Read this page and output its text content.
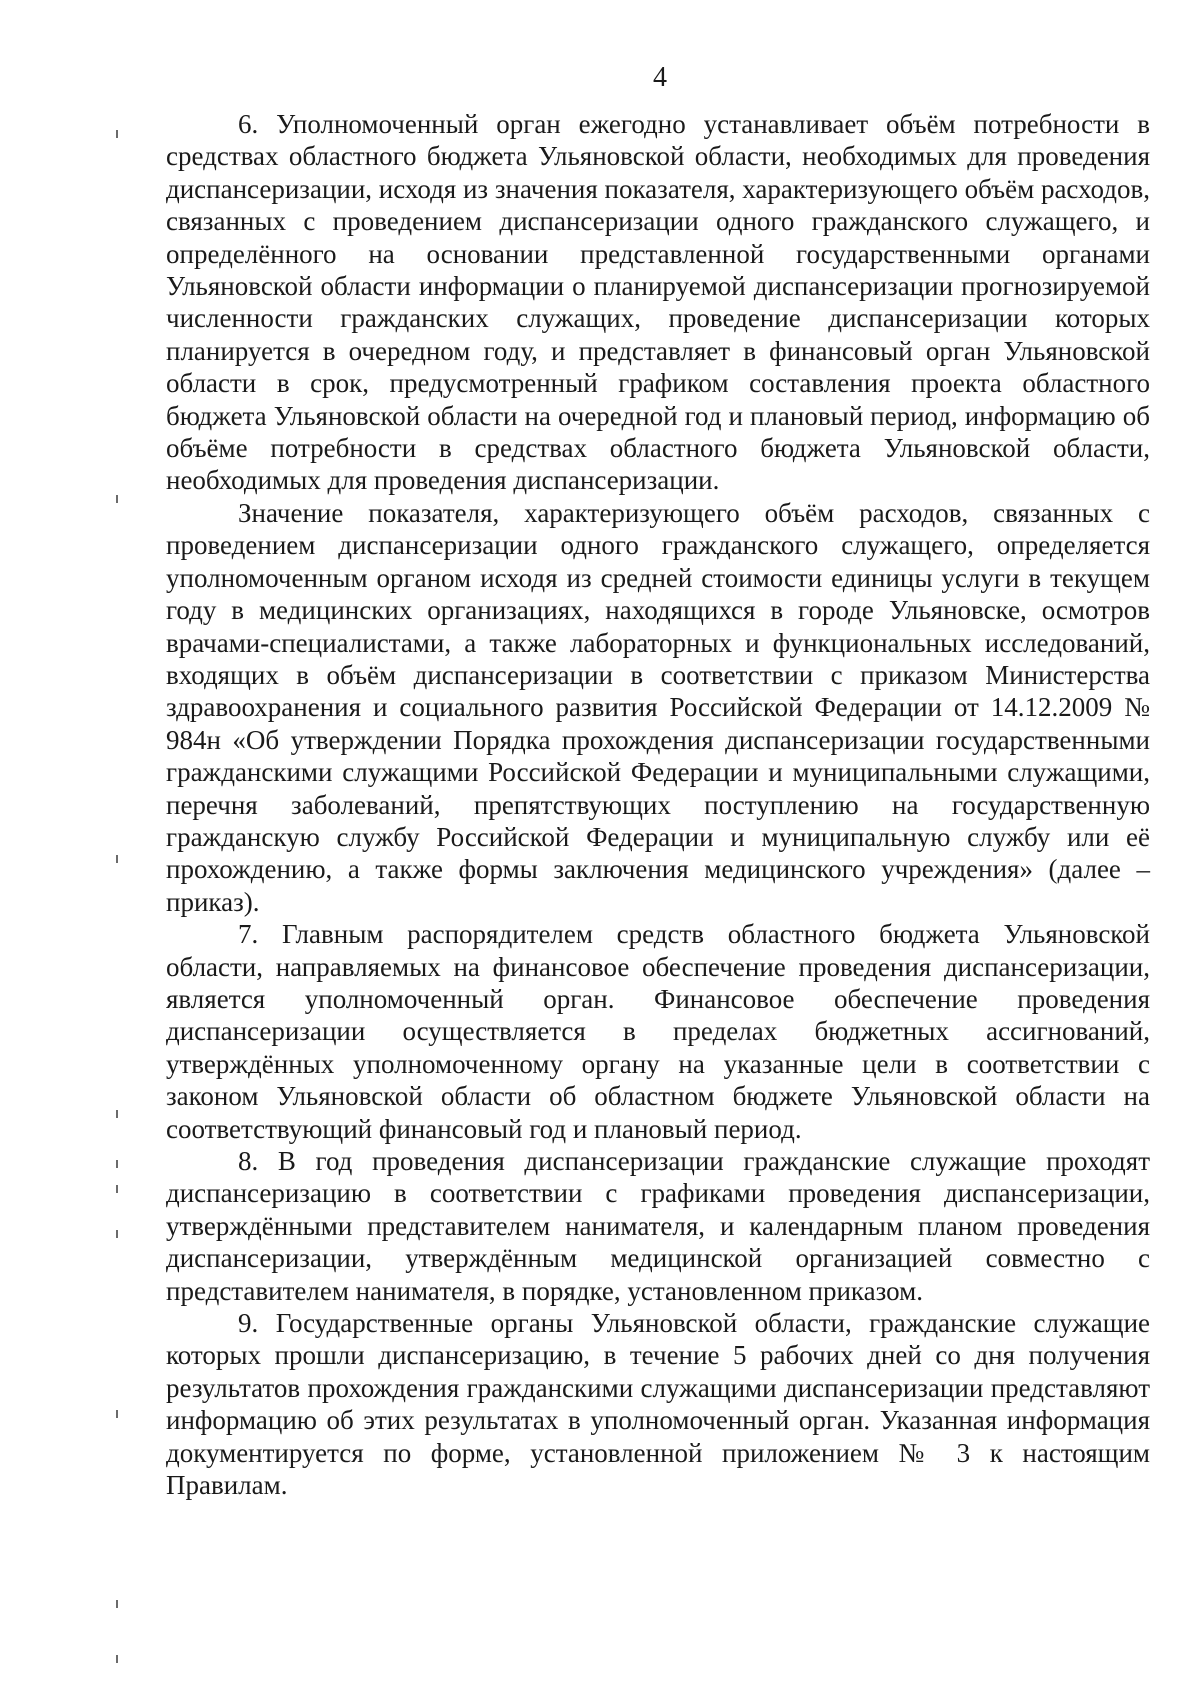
4

6. Уполномоченный орган ежегодно устанавливает объём потребности в средствах областного бюджета Ульяновской области, необходимых для проведения диспансеризации, исходя из значения показателя, характеризующего объём расходов, связанных с проведением диспансеризации одного гражданского служащего, и определённого на основании представленной государственными органами Ульяновской области информации о планируемой диспансеризации прогнозируемой численности гражданских служащих, проведение диспансеризации которых планируется в очередном году, и представляет в финансовый орган Ульяновской области в срок, предусмотренный графиком составления проекта областного бюджета Ульяновской области на очередной год и плановый период, информацию об объёме потребности в средствах областного бюджета Ульяновской области, необходимых для проведения диспансеризации.

Значение показателя, характеризующего объём расходов, связанных с проведением диспансеризации одного гражданского служащего, определяется уполномоченным органом исходя из средней стоимости единицы услуги в текущем году в медицинских организациях, находящихся в городе Ульяновске, осмотров врачами-специалистами, а также лабораторных и функциональных исследований, входящих в объём диспансеризации в соответствии с приказом Министерства здравоохранения и социального развития Российской Федерации от 14.12.2009 № 984н «Об утверждении Порядка прохождения диспансеризации государственными гражданскими служащими Российской Федерации и муниципальными служащими, перечня заболеваний, препятствующих поступлению на государственную гражданскую службу Российской Федерации и муниципальную службу или её прохождению, а также формы заключения медицинского учреждения» (далее – приказ).

7. Главным распорядителем средств областного бюджета Ульяновской области, направляемых на финансовое обеспечение проведения диспансеризации, является уполномоченный орган. Финансовое обеспечение проведения диспансеризации осуществляется в пределах бюджетных ассигнований, утверждённых уполномоченному органу на указанные цели в соответствии с законом Ульяновской области об областном бюджете Ульяновской области на соответствующий финансовый год и плановый период.

8. В год проведения диспансеризации гражданские служащие проходят диспансеризацию в соответствии с графиками проведения диспансеризации, утверждёнными представителем нанимателя, и календарным планом проведения диспансеризации, утверждённым медицинской организацией совместно с представителем нанимателя, в порядке, установленном приказом.

9. Государственные органы Ульяновской области, гражданские служащие которых прошли диспансеризацию, в течение 5 рабочих дней со дня получения результатов прохождения гражданскими служащими диспансеризации представляют информацию об этих результатах в уполномоченный орган. Указанная информация документируется по форме, установленной приложением № 3 к настоящим Правилам.
